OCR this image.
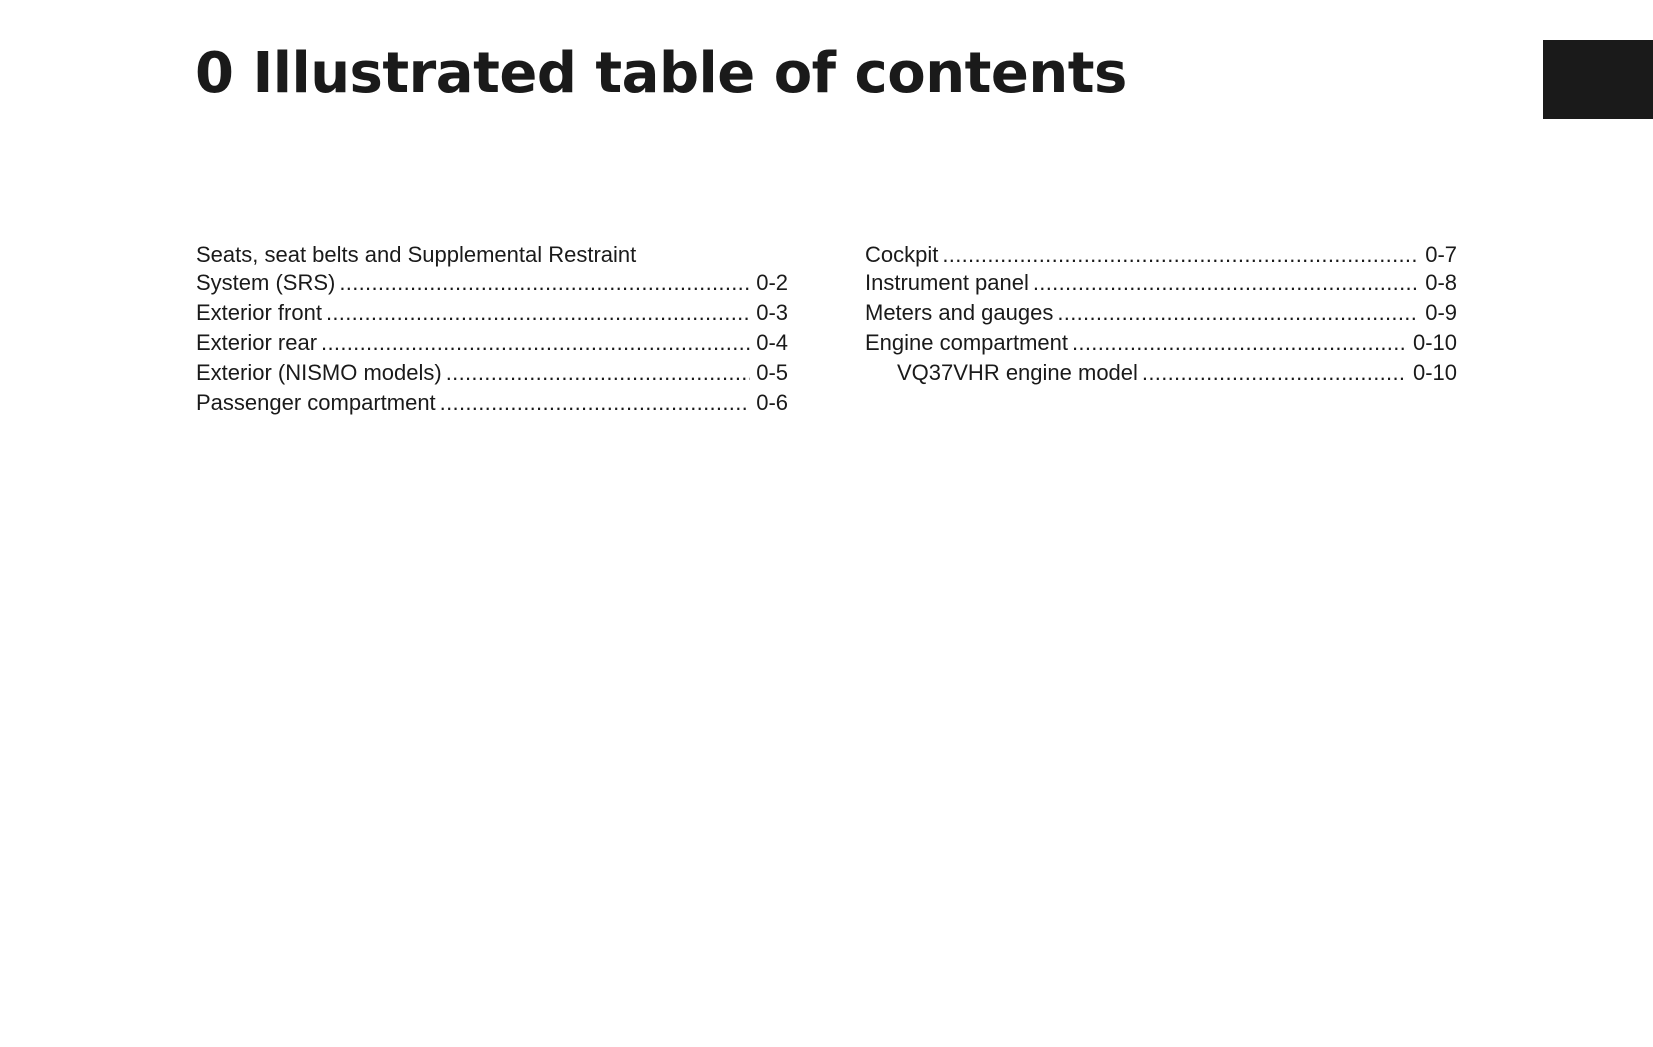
0 Illustrated table of contents
Seats, seat belts and Supplemental Restraint
System (SRS) . . .	0-2
Exterior front . . .	0-3
Exterior rear . . .	0-4
Exterior (NISMO models) . . .	0-5
Passenger compartment . . .	0-6
Cockpit . . .	0-7
Instrument panel . . .	0-8
Meters and gauges . . .	0-9
Engine compartment . . .	0-10
VQ37VHR engine model . . .	0-10
